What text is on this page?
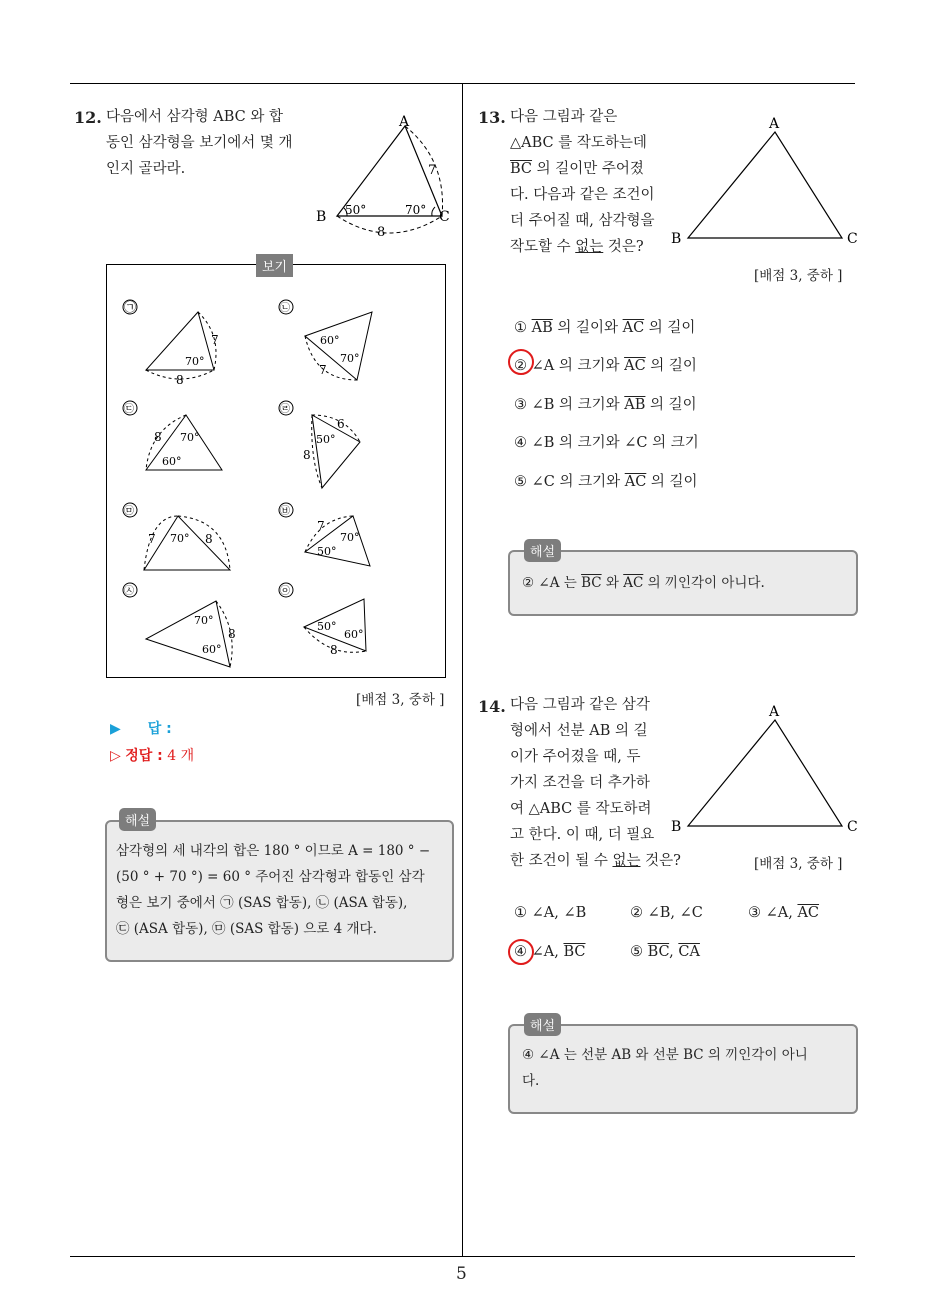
5
12. 다음에서 삼각형 ABC 와 합
동인 삼각형을 보기에서 몇 개
인지 골라라.
A
B	C
7
8
50°	70°
보기
㉠
7
70°
8
㉡
60°
70°
7
㉢
8 70°
60°
㉣
6
50°
8
㉤
7 70° 8
㉥
7
70°
50°
㉦
70°
8
60°
㉧
50°
60°
8
[배점 3, 중하 ]
▶ 답 :
▷ 정답 : 4 개
해설
삼각형의 세 내각의 합은 180 ° 이므로 A = 180 ° −
(50 ° + 70 °) = 60 ° 주어진 삼각형과 합동인 삼각
형은 보기 중에서 ㉠ (SAS 합동), ㉡ (ASA 합동),
㉢ (ASA 합동), ㉤ (SAS 합동) 으로 4 개다.
13. 다음 그림과 같은
△ABC 를 작도하는데
$\overline{BC}$ 의 길이만 주어졌
다. 다음과 같은 조건이
더 주어질 때, 삼각형을
작도할 수 없는 것은?
A
B	C
[배점 3, 중하 ]
① $\overline{AB}$ 의 길이와 $\overline{AC}$ 의 길이
② ∠A 의 크기와 $\overline{AC}$ 의 길이
③ ∠B 의 크기와 $\overline{AB}$ 의 길이
④ ∠B 의 크기와 ∠C 의 크기
⑤ ∠C 의 크기와 $\overline{AC}$ 의 길이
해설
② ∠A 는 $\overline{BC}$ 와 $\overline{AC}$ 의 끼인각이 아니다.
14. 다음 그림과 같은 삼각
형에서 선분 AB 의 길
이가 주어졌을 때, 두
가지 조건을 더 추가하
여 △ABC 를 작도하려
고 한다. 이 때, 더 필요
한 조건이 될 수 없는 것은?
A
B	C
[배점 3, 중하 ]
① ∠A, ∠B	② ∠B, ∠C	③ ∠A, $\overline{AC}$
④ ∠A, $\overline{BC}$	⑤ $\overline{BC}$, $\overline{CA}$
해설
④ ∠A 는 선분 AB 와 선분 BC 의 끼인각이 아니
다.
